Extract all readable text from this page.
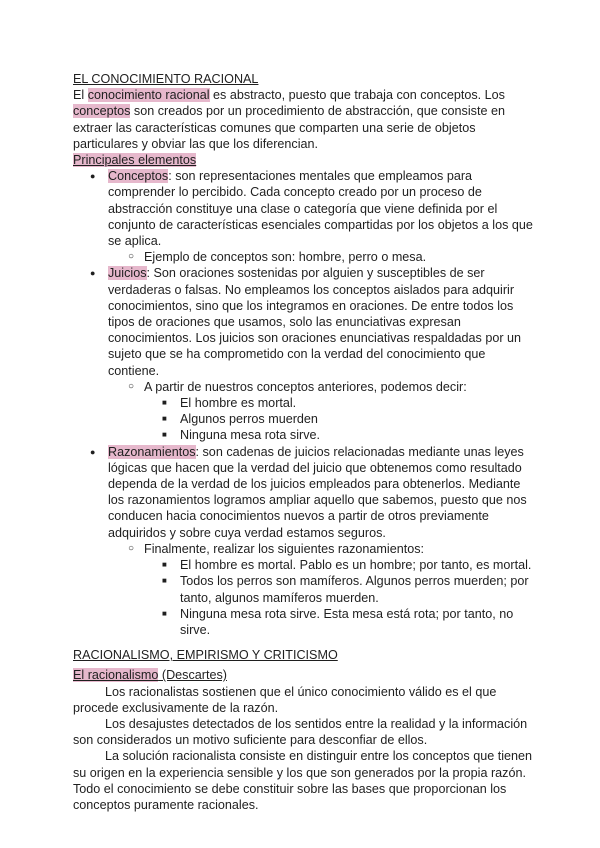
EL CONOCIMIENTO RACIONAL

El conocimiento racional es abstracto, puesto que trabaja con conceptos. Los conceptos son creados por un procedimiento de abstracción, que consiste en extraer las características comunes que comparten una serie de objetos particulares y obviar las que los diferencian.

Principales elementos

● Conceptos: son representaciones mentales que empleamos para comprender lo percibido. Cada concepto creado por un proceso de abstracción constituye una clase o categoría que viene definida por el conjunto de características esenciales compartidas por los objetos a los que se aplica.
○ Ejemplo de conceptos son: hombre, perro o mesa.
● Juicios: Son oraciones sostenidas por alguien y susceptibles de ser verdaderas o falsas. No empleamos los conceptos aislados para adquirir conocimientos, sino que los integramos en oraciones. De entre todos los tipos de oraciones que usamos, solo las enunciativas expresan conocimientos. Los juicios son oraciones enunciativas respaldadas por un sujeto que se ha comprometido con la verdad del conocimiento que contiene.
○ A partir de nuestros conceptos anteriores, podemos decir:
■ El hombre es mortal.
■ Algunos perros muerden
■ Ninguna mesa rota sirve.
● Razonamientos: son cadenas de juicios relacionadas mediante unas leyes lógicas que hacen que la verdad del juicio que obtenemos como resultado dependa de la verdad de los juicios empleados para obtenerlos. Mediante los razonamientos logramos ampliar aquello que sabemos, puesto que nos conducen hacia conocimientos nuevos a partir de otros previamente adquiridos y sobre cuya verdad estamos seguros.
○ Finalmente, realizar los siguientes razonamientos:
■ El hombre es mortal. Pablo es un hombre; por tanto, es mortal.
■ Todos los perros son mamíferos. Algunos perros muerden; por tanto, algunos mamíferos muerden.
■ Ninguna mesa rota sirve. Esta mesa está rota; por tanto, no sirve.

RACIONALISMO, EMPIRISMO Y CRITICISMO

El racionalismo (Descartes)

Los racionalistas sostienen que el único conocimiento válido es el que procede exclusivamente de la razón.

Los desajustes detectados de los sentidos entre la realidad y la información son considerados un motivo suficiente para desconfiar de ellos.

La solución racionalista consiste en distinguir entre los conceptos que tienen su origen en la experiencia sensible y los que son generados por la propia razón. Todo el conocimiento se debe constituir sobre las bases que proporcionan los conceptos puramente racionales.
